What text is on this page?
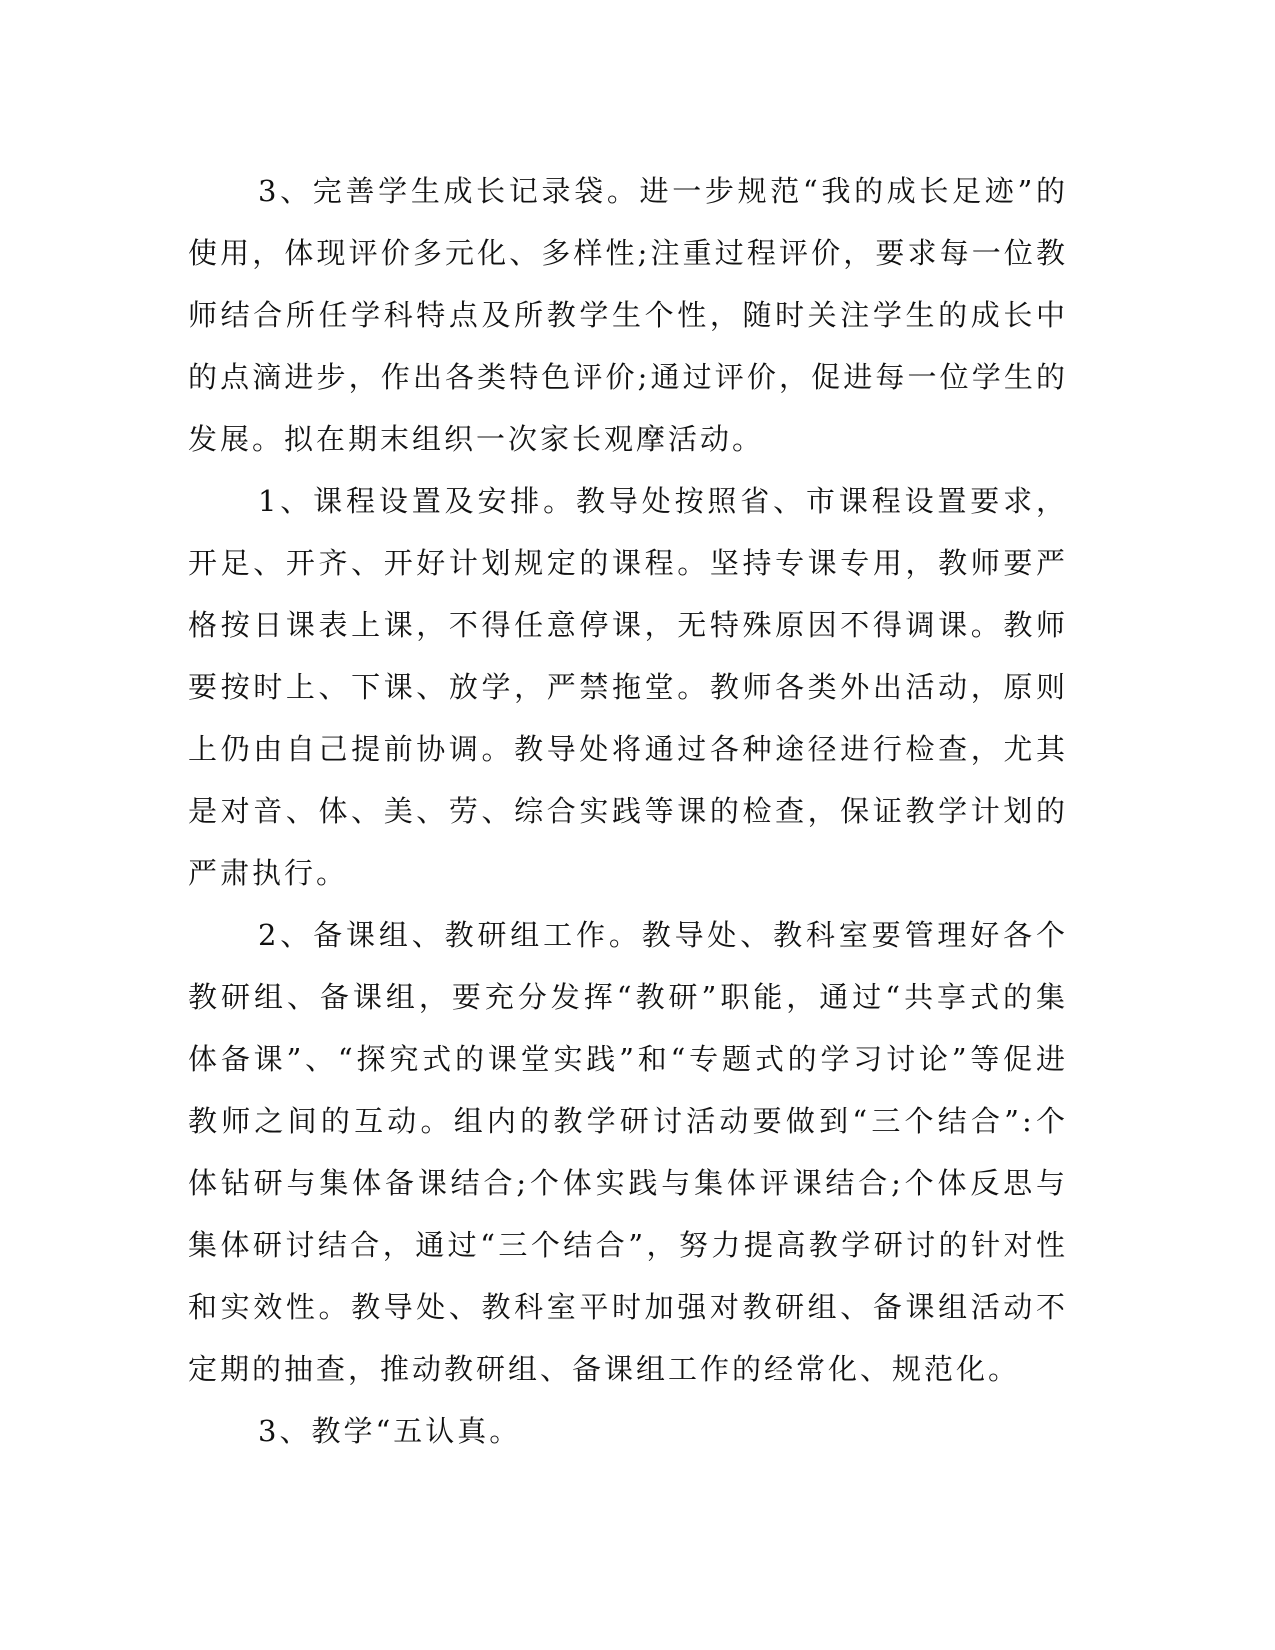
3、完善学生成长记录袋。进一步规范“我的成长足迹”的使用，体现评价多元化、多样性;注重过程评价，要求每一位教师结合所任学科特点及所教学生个性，随时关注学生的成长中的点滴进步，作出各类特色评价;通过评价，促进每一位学生的发展。拟在期末组织一次家长观摩活动。

1、课程设置及安排。教导处按照省、市课程设置要求，开足、开齐、开好计划规定的课程。坚持专课专用，教师要严格按日课表上课，不得任意停课，无特殊原因不得调课。教师要按时上、下课、放学，严禁拖堂。教师各类外出活动，原则上仍由自己提前协调。教导处将通过各种途径进行检查，尤其是对音、体、美、劳、综合实践等课的检查，保证教学计划的严肃执行。

2、备课组、教研组工作。教导处、教科室要管理好各个教研组、备课组，要充分发挥“教研”职能，通过“共享式的集体备课”、“探究式的课堂实践”和“专题式的学习讨论”等促进教师之间的互动。组内的教学研讨活动要做到“三个结合”:个体钻研与集体备课结合;个体实践与集体评课结合;个体反思与集体研讨结合，通过“三个结合”，努力提高教学研讨的针对性和实效性。教导处、教科室平时加强对教研组、备课组活动不定期的抽查，推动教研组、备课组工作的经常化、规范化。

3、教学“五认真。
